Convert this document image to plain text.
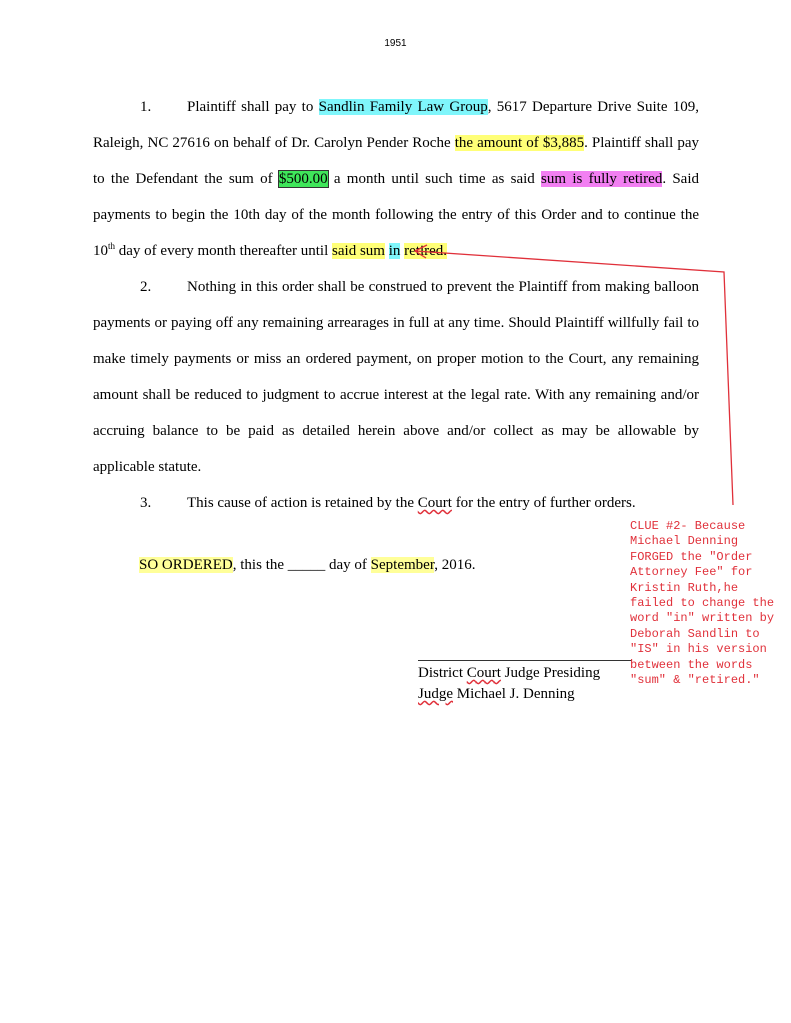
1951

1. Plaintiff shall pay to Sandlin Family Law Group, 5617 Departure Drive Suite 109, Raleigh, NC 27616 on behalf of Dr. Carolyn Pender Roche the amount of $3,885. Plaintiff shall pay to the Defendant the sum of $500.00 a month until such time as said sum is fully retired. Said payments to begin the 10th day of the month following the entry of this Order and to continue the 10th day of every month thereafter until said sum in retired.

2. Nothing in this order shall be construed to prevent the Plaintiff from making balloon payments or paying off any remaining arrearages in full at any time. Should Plaintiff willfully fail to make timely payments or miss an ordered payment, on proper motion to the Court, any remaining amount shall be reduced to judgment to accrue interest at the legal rate. With any remaining and/or accruing balance to be paid as detailed herein above and/or collect as may be allowable by applicable statute.

3. This cause of action is retained by the Court for the entry of further orders.

SO ORDERED, this the _____ day of September, 2016.
District Court Judge Presiding
Judge Michael J. Denning

CLUE #2- Because Michael Denning FORGED the "Order Attorney Fee" for Kristin Ruth,he failed to change the word "in" written by Deborah Sandlin to "IS" in his version between the words "sum" & "retired."
